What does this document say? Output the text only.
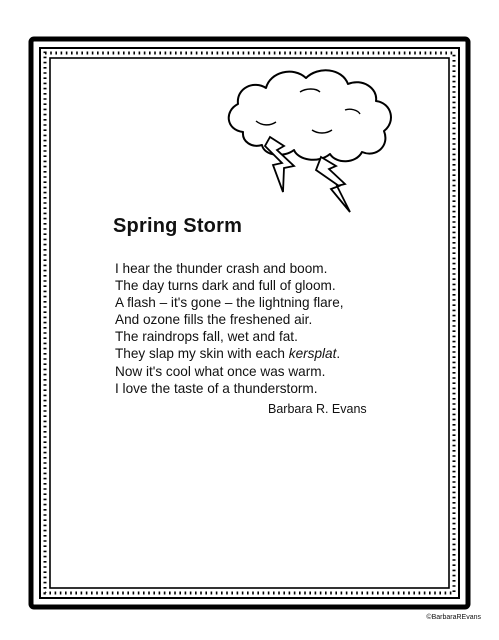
Spring Storm
I hear the thunder crash and boom.
The day turns dark and full of gloom.
A flash – it's gone – the lightning flare,
And ozone fills the freshened air.
The raindrops fall, wet and fat.
They slap my skin with each kersplat.
Now it's cool what once was warm.
I love the taste of a thunderstorm.

Barbara R. Evans

©BarbaraREvans
